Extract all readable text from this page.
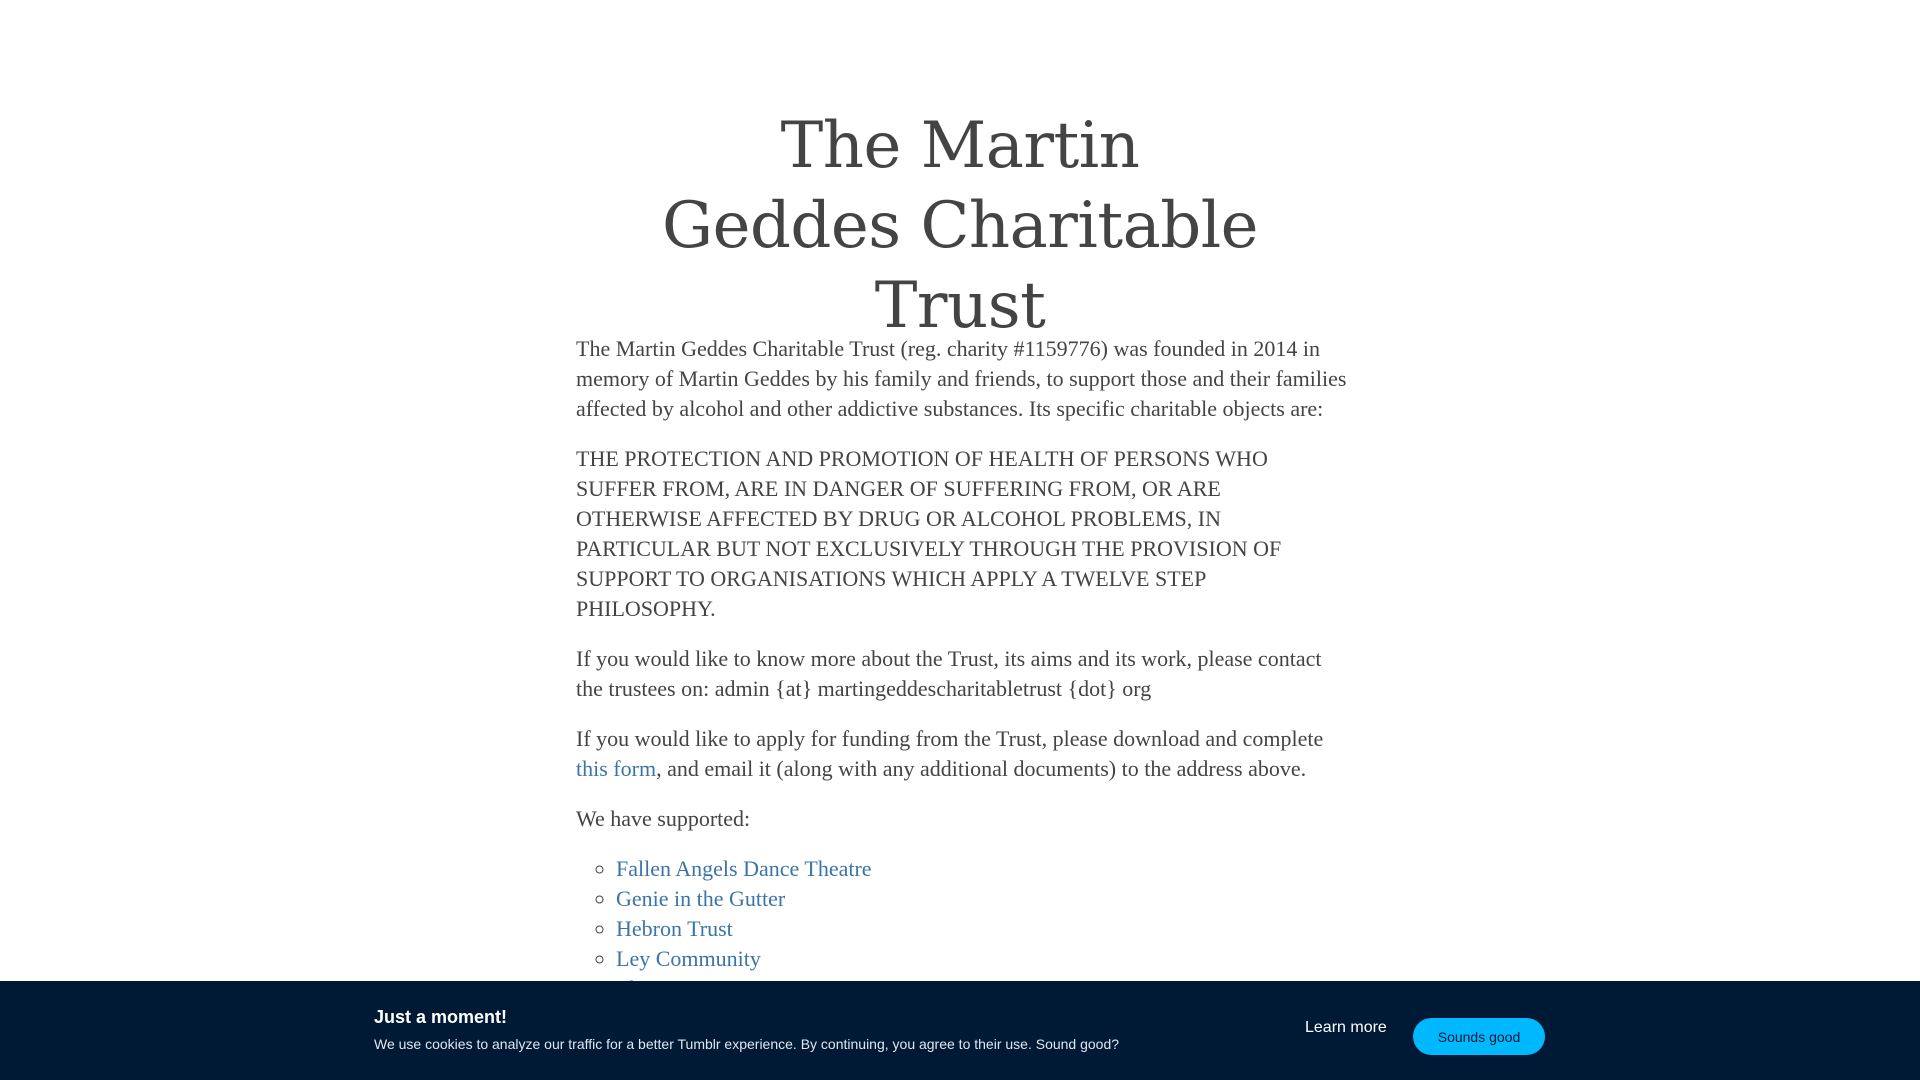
The Martin Geddes Charitable Trust

The Martin Geddes Charitable Trust (reg. charity #1159776) was founded in 2014 in memory of Martin Geddes by his family and friends, to support those and their families affected by alcohol and other addictive substances. Its specific charitable objects are:

THE PROTECTION AND PROMOTION OF HEALTH OF PERSONS WHO SUFFER FROM, ARE IN DANGER OF SUFFERING FROM, OR ARE OTHERWISE AFFECTED BY DRUG OR ALCOHOL PROBLEMS, IN PARTICULAR BUT NOT EXCLUSIVELY THROUGH THE PROVISION OF SUPPORT TO ORGANISATIONS WHICH APPLY A TWELVE STEP PHILOSOPHY.

If you would like to know more about the Trust, its aims and its work, please contact the trustees on: admin {at} martingeddescharitabletrust {dot} org

If you would like to apply for funding from the Trust, please download and complete this form, and email it (along with any additional documents) to the address above.

We have supported:

◦ Fallen Angels Dance Theatre
◦ Genie in the Gutter
◦ Hebron Trust
◦ Ley Community
◦

Just a moment!

We use cookies to analyze our traffic for a better Tumblr experience. By continuing, you agree to their use. Sound good?

Learn more
Sounds good
